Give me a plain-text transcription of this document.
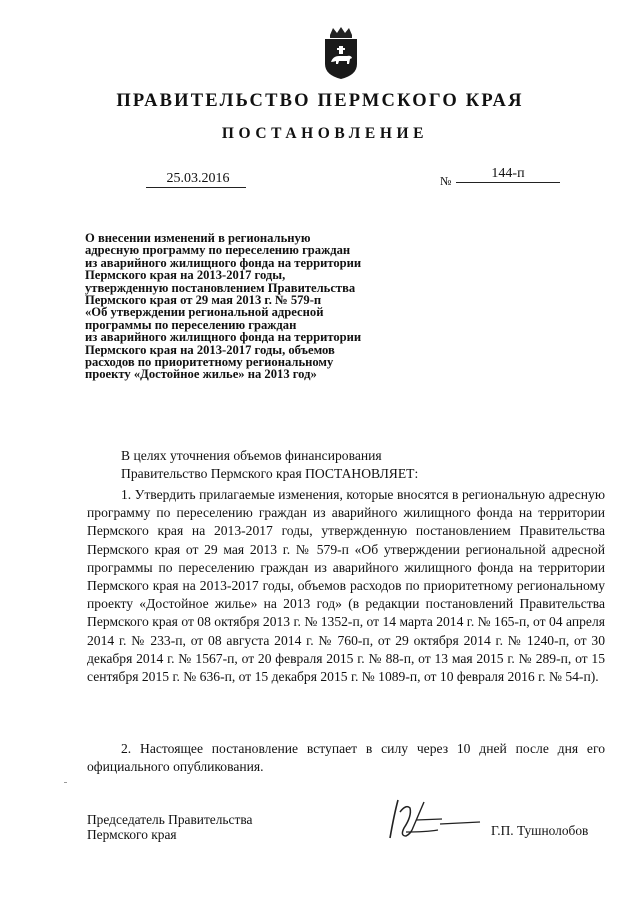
ПРАВИТЕЛЬСТВО ПЕРМСКОГО КРАЯ
ПОСТАНОВЛЕНИЕ
25.03.2016	№	144-п
О внесении изменений в региональную
адресную программу по переселению граждан
из аварийного жилищного фонда на территории
Пермского края на 2013-2017 годы,
утвержденную постановлением Правительства
Пермского края от 29 мая 2013 г. № 579-п
«Об утверждении региональной адресной
программы по переселению граждан
из аварийного жилищного фонда на территории
Пермского края на 2013-2017 годы, объемов
расходов по приоритетному региональному
проекту «Достойное жилье» на 2013 год»
В целях уточнения объемов финансирования
Правительство Пермского края ПОСТАНОВЛЯЕТ:
1. Утвердить прилагаемые изменения, которые вносятся в региональную адресную программу по переселению граждан из аварийного жилищного фонда на территории Пермского края на 2013-2017 годы, утвержденную постановлением Правительства Пермского края от 29 мая 2013 г. № 579-п «Об утверждении региональной адресной программы по переселению граждан из аварийного жилищного фонда на территории Пермского края на 2013-2017 годы, объемов расходов по приоритетному региональному проекту «Достойное жилье» на 2013 год» (в редакции постановлений Правительства Пермского края от 08 октября 2013 г. № 1352-п, от 14 марта 2014 г. № 165-п, от 04 апреля 2014 г. № 233-п, от 08 августа 2014 г. № 760-п, от 29 октября 2014 г. № 1240-п, от 30 декабря 2014 г. № 1567-п, от 20 февраля 2015 г. № 88-п, от 13 мая 2015 г. № 289-п, от 15 сентября 2015 г. № 636-п, от 15 декабря 2015 г. № 1089-п, от 10 февраля 2016 г. № 54-п).
2. Настоящее постановление вступает в силу через 10 дней после дня его официального опубликования.
Председатель Правительства
Пермского края	Г.П. Тушнолобов
